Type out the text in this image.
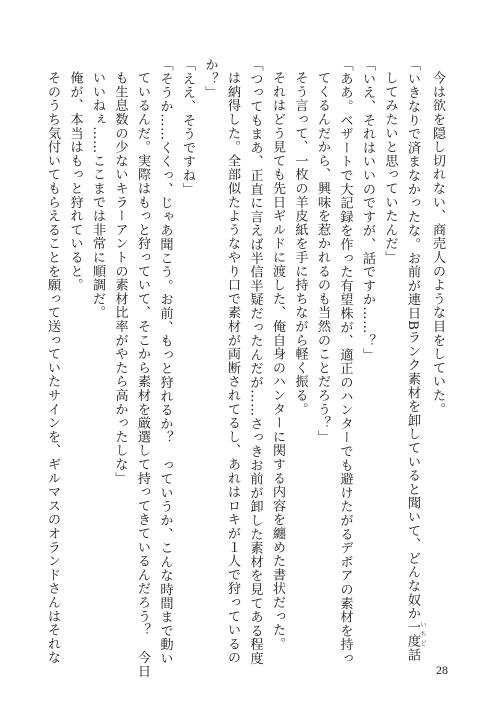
今は欲を隠し切れない、商売人のような目をしていた。
「いきなりで済まなかったな。お前が連日Bランク素材を卸していると聞いて、どんな奴か一度 いちど話
してみたいと思っていたんだ」
「いえ、それはいいのですが、話ですか……？」
「ああ。ベザートで大記録を作った有望株が、適正のハンターでも避けたがるデボアの素材を持っ
てくるんだから、興味を惹かれるのも当然のことだろう？」
そう言って、一枚の羊皮紙を手に持ちながら軽く振る。
それはどう見ても先日ギルドに渡した、俺自身のハンターに関する内容を纏めた書状だった。
「つってもまあ、正直に言えば半信半疑だったんだが……さっきお前が卸した素材を見てある程度
は納得した。全部似たようなやり口で素材が両断されてるし、あれはロキが１人で狩っているの
か？」
「ええ、そうですね」
「そうか……くくっ、じゃあ聞こう。お前、もっと狩れるか？　っていうか、こんな時間まで動い
ているんだ。実際はもっと狩っていて、そこから素材を厳選して持ってきているんだろう？　今日
も生息数の少ないキラーアントの素材比率がやたら高かったしな」
いいねぇ……ここまでは非常に順調だ。
俺が、本当はもっと狩れていると。
そのうち気付いてもらえることを願って送っていたサインを、ギルマスのオランドさんはそれな
28
